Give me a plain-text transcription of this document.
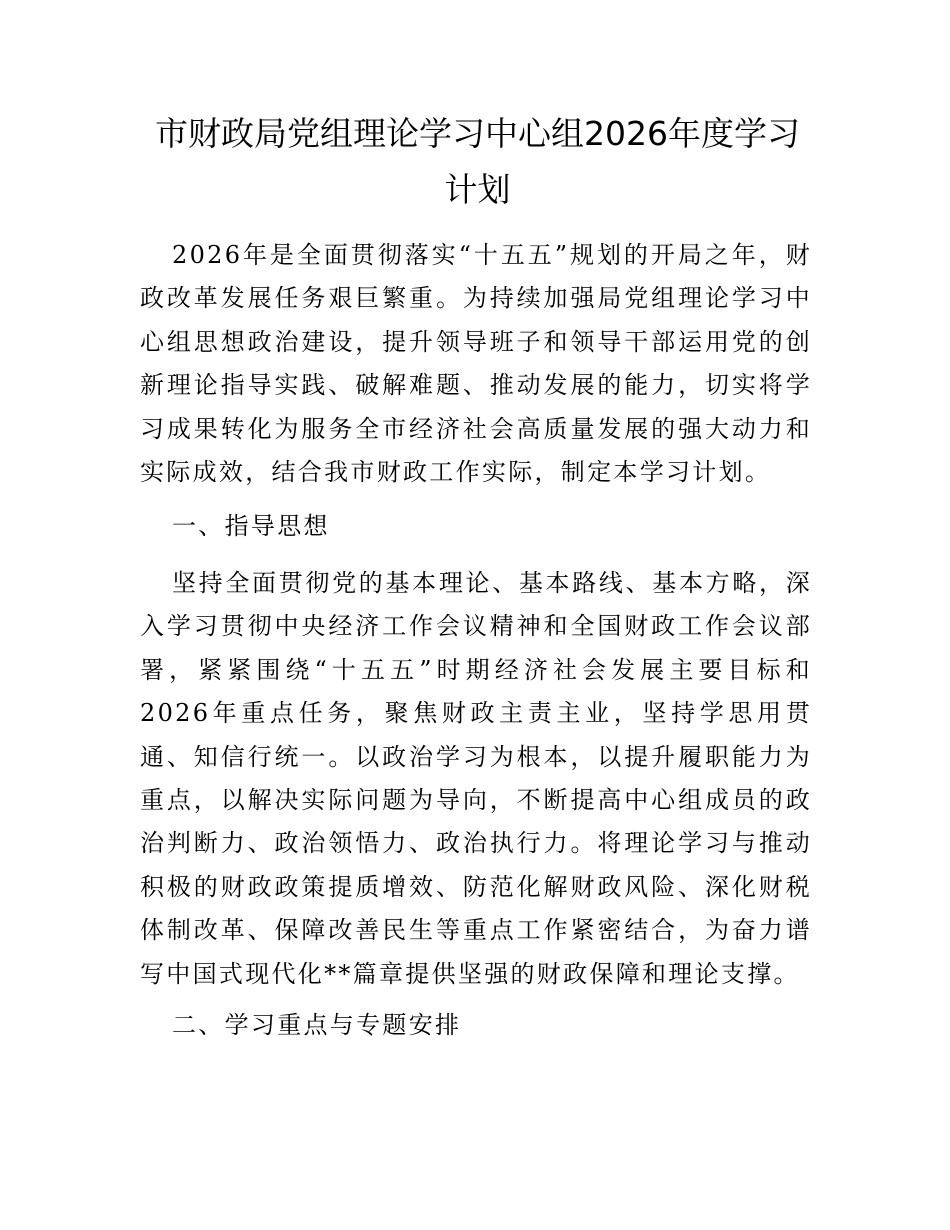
市财政局党组理论学习中心组2026年度学习计划

2026年是全面贯彻落实“十五五”规划的开局之年，财政改革发展任务艰巨繁重。为持续加强局党组理论学习中心组思想政治建设，提升领导班子和领导干部运用党的创新理论指导实践、破解难题、推动发展的能力，切实将学习成果转化为服务全市经济社会高质量发展的强大动力和实际成效，结合我市财政工作实际，制定本学习计划。

一、指导思想

坚持全面贯彻党的基本理论、基本路线、基本方略，深入学习贯彻中央经济工作会议精神和全国财政工作会议部署，紧紧围绕“十五五”时期经济社会发展主要目标和2026年重点任务，聚焦财政主责主业，坚持学思用贯通、知信行统一。以政治学习为根本，以提升履职能力为重点，以解决实际问题为导向，不断提高中心组成员的政治判断力、政治领悟力、政治执行力。将理论学习与推动积极的财政政策提质增效、防范化解财政风险、深化财税体制改革、保障改善民生等重点工作紧密结合，为奋力谱写中国式现代化**篇章提供坚强的财政保障和理论支撑。

二、学习重点与专题安排
